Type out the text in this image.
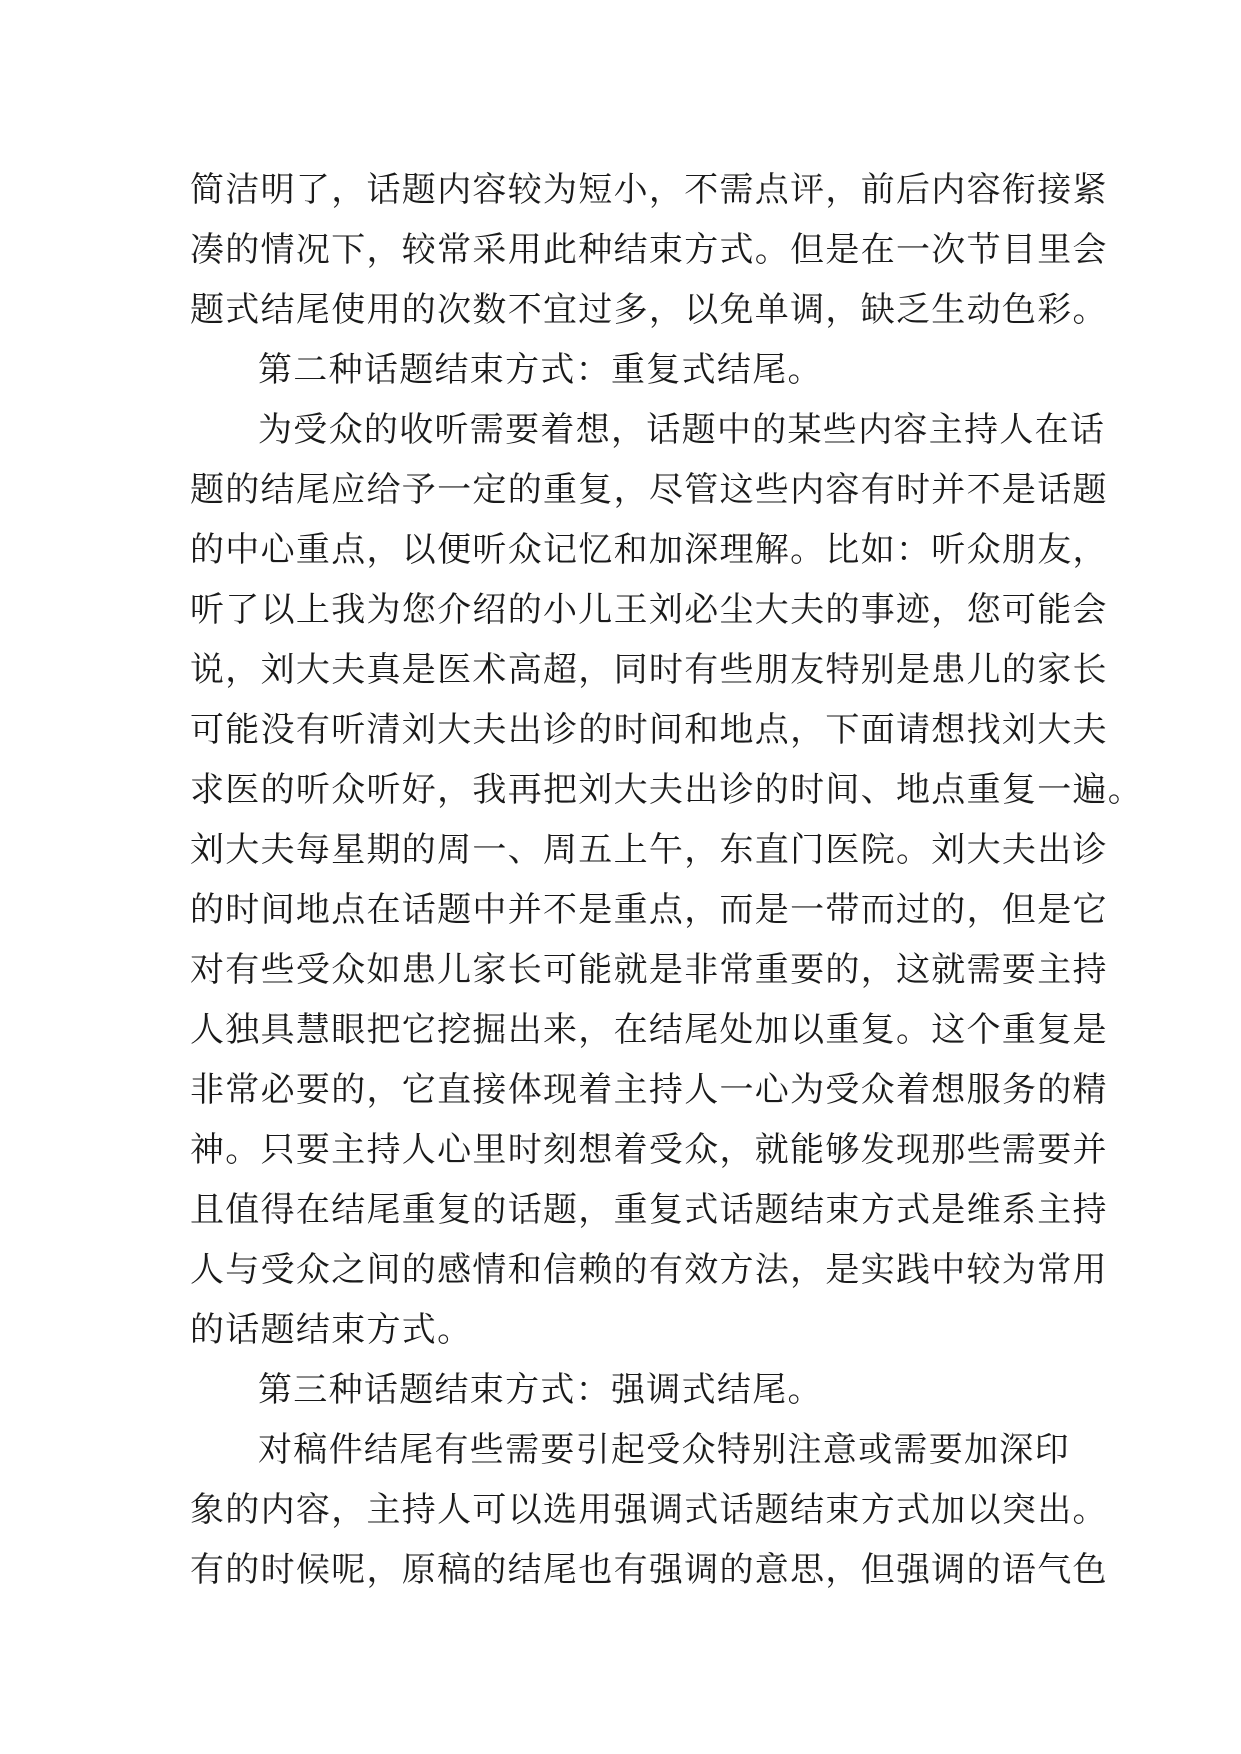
简洁明了，话题内容较为短小，不需点评，前后内容衔接紧
凑的情况下，较常采用此种结束方式。但是在一次节目里会
题式结尾使用的次数不宜过多，以免单调，缺乏生动色彩。
第二种话题结束方式：重复式结尾。
为受众的收听需要着想，话题中的某些内容主持人在话
题的结尾应给予一定的重复，尽管这些内容有时并不是话题
的中心重点，以便听众记忆和加深理解。比如：听众朋友，
听了以上我为您介绍的小儿王刘必尘大夫的事迹，您可能会
说，刘大夫真是医术高超，同时有些朋友特别是患儿的家长
可能没有听清刘大夫出诊的时间和地点，下面请想找刘大夫
求医的听众听好，我再把刘大夫出诊的时间、地点重复一遍。
刘大夫每星期的周一、周五上午，东直门医院。刘大夫出诊
的时间地点在话题中并不是重点，而是一带而过的，但是它
对有些受众如患儿家长可能就是非常重要的，这就需要主持
人独具慧眼把它挖掘出来，在结尾处加以重复。这个重复是
非常必要的，它直接体现着主持人一心为受众着想服务的精
神。只要主持人心里时刻想着受众，就能够发现那些需要并
且值得在结尾重复的话题，重复式话题结束方式是维系主持
人与受众之间的感情和信赖的有效方法，是实践中较为常用
的话题结束方式。
第三种话题结束方式：强调式结尾。
对稿件结尾有些需要引起受众特别注意或需要加深印
象的内容，主持人可以选用强调式话题结束方式加以突出。
有的时候呢，原稿的结尾也有强调的意思，但强调的语气色
